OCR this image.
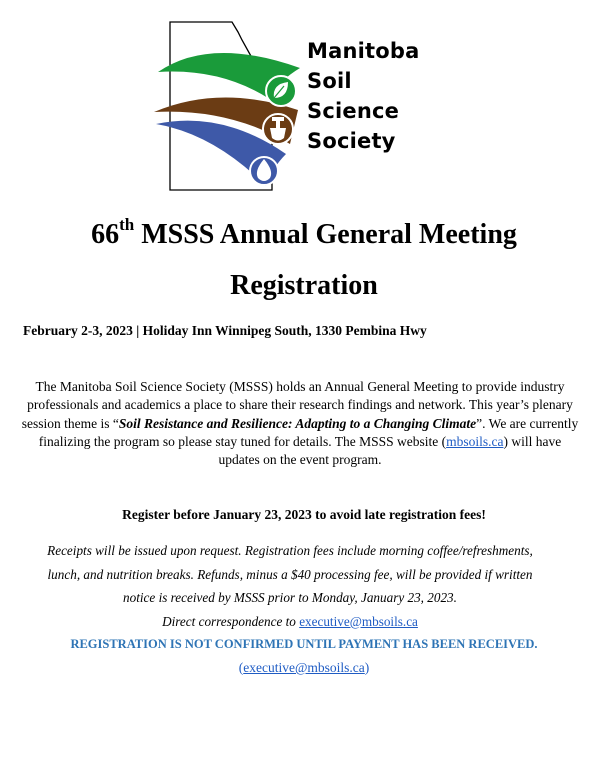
Manitoba
Soil
Science
Society
66th MSSS Annual General Meeting
Registration
February 2-3, 2023 | Holiday Inn Winnipeg South, 1330 Pembina Hwy
The Manitoba Soil Science Society (MSSS) holds an Annual General Meeting to provide industry professionals and academics a place to share their research findings and network. This year’s plenary session theme is “Soil Resistance and Resilience: Adapting to a Changing Climate”. We are currently finalizing the program so please stay tuned for details. The MSSS website (mbsoils.ca) will have updates on the event program.
Register before January 23, 2023 to avoid late registration fees!
Receipts will be issued upon request. Registration fees include morning coffee/refreshments, lunch, and nutrition breaks. Refunds, minus a $40 processing fee, will be provided if written notice is received by MSSS prior to Monday, January 23, 2023.
Direct correspondence to executive@mbsoils.ca
REGISTRATION IS NOT CONFIRMED UNTIL PAYMENT HAS BEEN RECEIVED.
(executive@mbsoils.ca)
